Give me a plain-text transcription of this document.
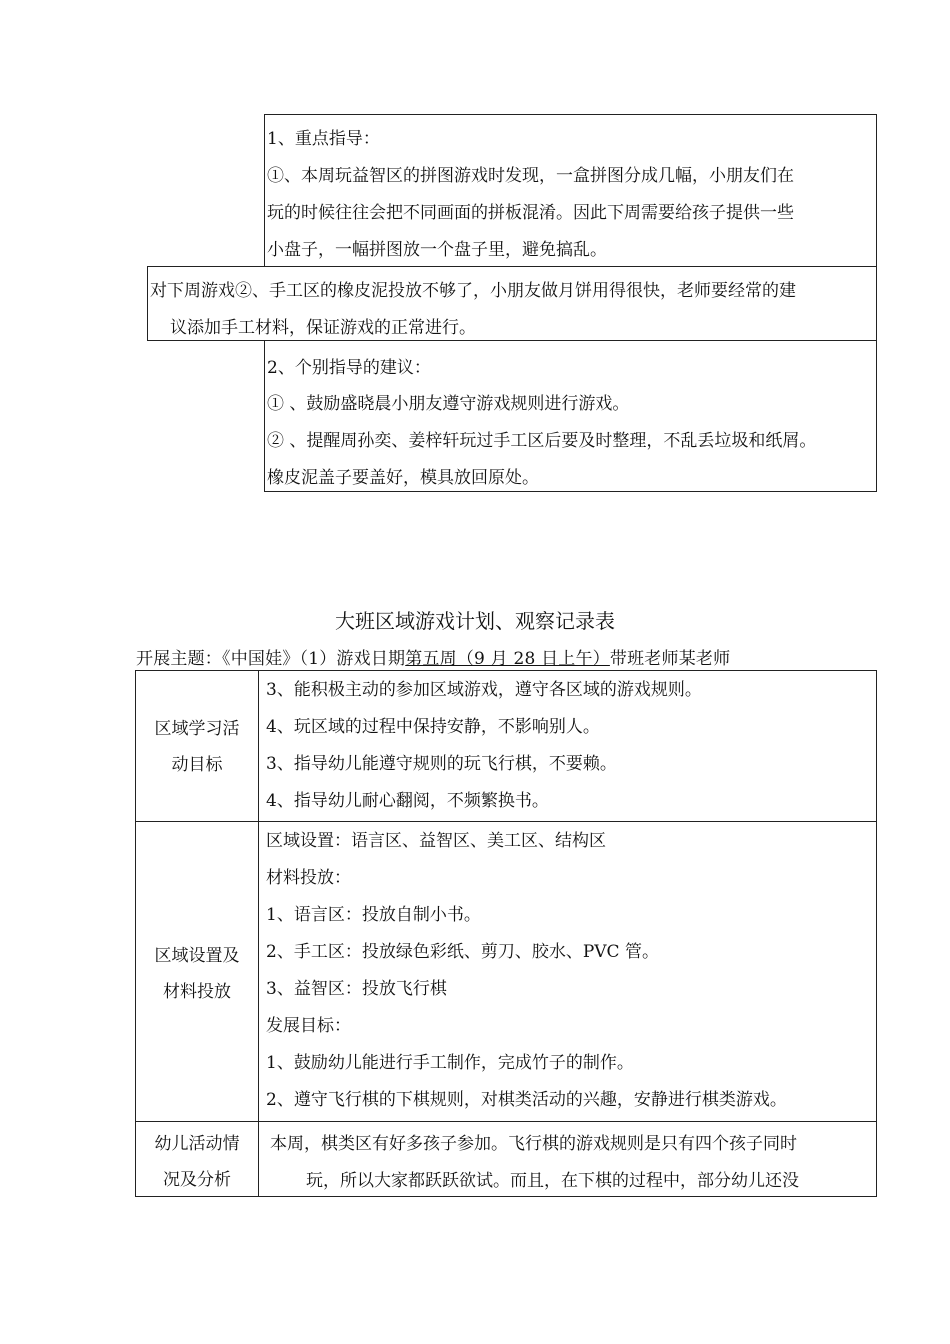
1、重点指导：
①、本周玩益智区的拼图游戏时发现，一盒拼图分成几幅，小朋友们在
玩的时候往往会把不同画面的拼板混淆。因此下周需要给孩子提供一些
小盘子，一幅拼图放一个盘子里，避免搞乱。
对下周游戏②、手工区的橡皮泥投放不够了，小朋友做月饼用得很快，老师要经常的建
议添加手工材料，保证游戏的正常进行。
2、个别指导的建议：
① 、鼓励盛晓晨小朋友遵守游戏规则进行游戏。
② 、提醒周孙奕、姜梓轩玩过手工区后要及时整理，不乱丢垃圾和纸屑。
橡皮泥盖子要盖好，模具放回原处。
大班区域游戏计划、观察记录表
开展主题：《中国娃》（1）游戏日期第五周（9 月 28 日上午）带班老师某老师
区域学习活
动目标
3、能积极主动的参加区域游戏，遵守各区域的游戏规则。
4、玩区域的过程中保持安静，不影响别人。
3、指导幼儿能遵守规则的玩飞行棋，不要赖。
4、指导幼儿耐心翻阅，不频繁换书。
区域设置及
材料投放
区域设置：语言区、益智区、美工区、结构区
材料投放：
1、语言区：投放自制小书。
2、手工区：投放绿色彩纸、剪刀、胶水、PVC 管。
3、益智区：投放飞行棋
发展目标：
1、鼓励幼儿能进行手工制作，完成竹子的制作。
2、遵守飞行棋的下棋规则，对棋类活动的兴趣，安静进行棋类游戏。
幼儿活动情
况及分析
本周，棋类区有好多孩子参加。飞行棋的游戏规则是只有四个孩子同时
玩，所以大家都跃跃欲试。而且，在下棋的过程中，部分幼儿还没
